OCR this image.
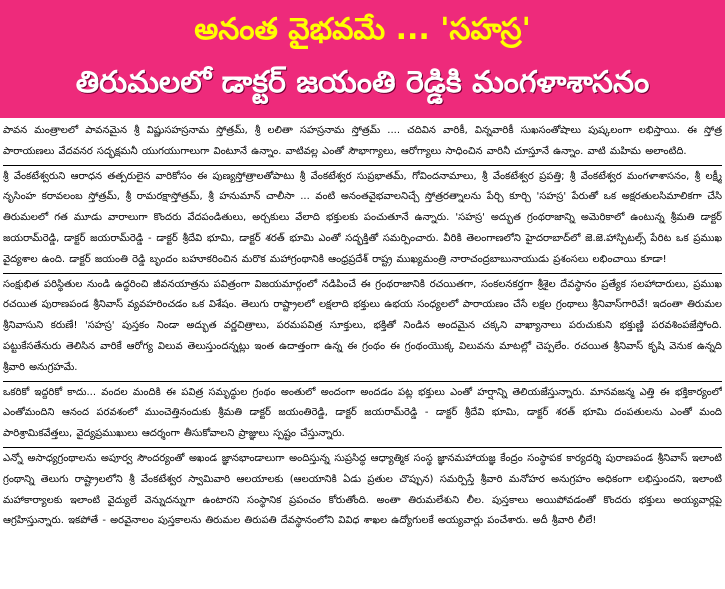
అనంత వైభవమే ... 'సహస్ర'
తిరుమలలో డాక్టర్ జయంతి రెడ్డికి మంగళాశాసనం
పావన మంత్రాలలో పావనమైన శ్రీ విష్ణుసహస్రనామ స్తోత్రమ్, శ్రీ లలితా సహస్రనామ స్తోత్రమ్ .... చదివిన వారికీ, విన్నవారికీ సుఖసంతోషాలు పుష్కలంగా లభిస్తాయి. ఈ స్తోత్ర పారాయణలు వేదవనర సద్భక్షమనీ యుగయుగాలుగా వింటూనే ఉన్నాం. వాటివల్ల ఎంతో సౌభాగ్యాలు, ఆరోగ్యాలు సాధించిన వారినీ చూస్తూనే ఉన్నాం. వాటి మహిమ అలాంటిది.
శ్రీ వేంకటేశ్వరుని ఆరాధన తత్పరులైన వారికోసం ఈ పుణ్యస్తోత్రాలతోపాటు శ్రీ వేంకటేశ్వర సుప్రభాతమ్, గోవిందనామాలు, శ్రీ వేంకటేశ్వర ప్రపత్తి; శ్రీ వేంకటేశ్వర మంగళాశాసనం, శ్రీ లక్ష్మీ నృసింహ కరావలంబ స్తోత్రమ్, శ్రీ రామరక్షాస్తోత్రమ్, శ్రీ హనుమాన్ చాలీసా ... వంటి అనంతవైభవాలనిచ్చే స్తోత్రరత్నాలను పేర్చి కూర్చి 'సహస్ర' పేరుతో ఒక అక్షరతులసిమాలికగా చేసి తిరుమలలో గత మూడు వారాలుగా కొందరు వేదపండితులు, అర్చకులు వేలాది భక్తులకు పంచుతూనే ఉన్నారు. 'సహస్ర' అద్భుత గ్రంథరాజాన్ని అమెరికాలో ఉంటున్న శ్రీమతి డాక్టర్ జయరామ్‌రెడ్డి, డాక్టర్ జయరామ్‌రెడ్డి - డాక్టర్ శ్రీదేవి భూమి, డాక్టర్ శరత్ భూమి ఎంతో సద్భక్తితో సమర్పించారు. వీరికి తెలంగాణలోని హైదరాబాద్‌లో జె.జె.హాస్పిటల్స్ పేరిట ఒక ప్రముఖ వైద్యశాల ఉంది. డాక్టర్ జయంతి రెడ్డి బృందం బహూకరించిన మరొక మహాగ్రంథానికి ఆంధ్రప్రదేశ్ రాష్ట్ర ముఖ్యమంత్రి నారాచంద్రబాబునాయుడు ప్రశంసలు లభించాయి కూడా!
సంక్షుభిత పరిస్థితుల నుండి ఉద్ధరించి జీవనయాత్రను పవిత్రంగా విజయమార్గంలో నడిపించే ఈ గ్రంథరాజానికి రచయితగా, సంకలనకర్తగా శ్రీశైల దేవస్థానం ప్రత్యేక సలహాదారులు, ప్రముఖ రచయిత పురాణపండ శ్రీనివాస్ వ్యవహరించడం ఒక విశేషం. తెలుగు రాష్ట్రాలలో లక్షలాది భక్తులు ఉభయ సంధ్యలలో పారాయణం చేసే లక్షల గ్రంథాలు శ్రీనివాస్‌గారివే! ఇదంతా తిరుమల శ్రీనివాసుని కరుణే! 'సహస్ర' పుస్తకం నిండా అద్భుత వర్ణచిత్రాలు, పరమపవిత్ర సూక్తులు, భక్తితో నిండిన అందమైన చక్కని వాఖ్యానాలు పరుచుకుని భక్తుణ్ణి పరవశింపజేస్తోంది. పట్టుకేసతేనురు తెలిసిన వారికే ఆరోగ్య విలువ తెలుస్తుందన్నట్లు ఇంత ఉదాత్తంగా ఉన్న ఈ గ్రంథం ఈ గ్రంథంయొక్క విలువను మాటల్లో చెప్పలేం. రచయిత శ్రీనివాస్ కృషి వెనుక ఉన్నది శ్రీవారి అనుగ్రహమే.
ఒకరికో ఇద్దరికో కాదు... వందల మందికి ఈ పవిత్ర సమృద్ధుల గ్రంథం అంతులో అందంగా అందడం పట్ల భక్తులు ఎంతో హర్షాన్ని తెలియజేస్తున్నారు. మానవజన్మ ఎత్తి ఈ భక్తికార్యంలో ఎంతోమందిని ఆనంద పరవశంలో ముంచెత్తినందుకు శ్రీమతి డాక్టర్ జయంతిరెడ్డి, డాక్టర్ జయరామ్‌రెడ్డి - డాక్టర్ శ్రీదేవి భూమి, డాక్టర్ శరత్ భూమి దంపతులను ఎంతో మంది పారిశ్రామికవేత్తలు, వైద్యప్రముఖులు ఆదర్శంగా తీసుకోవాలని ప్రాజ్ఞులు స్పష్టం చేస్తున్నారు.
ఎన్నో అసాధ్యగ్రంథాలను అపూర్వ సౌందర్యంతో అఖండ జ్ఞానభాండాలుగా అందిస్తున్న సుప్రసిద్ధ ఆధ్యాత్మిక సంస్థ జ్ఞానమహాయజ్ఞ కేంద్రం సంస్థాపక కార్యదర్శి పురాణపండ శ్రీనివాస్ ఇలాంటి గ్రంథాన్ని తెలుగు రాష్ట్రాలలోని శ్రీ వేంకటేశ్వర స్వామివారి ఆలయాలకు (ఆలయానికి ఏడు ప్రతుల చొప్పున) సమర్పిస్తే శ్రీవారి మనోహర అనుగ్రహం అధికంగా లభిస్తుందని, ఇలాంటి మహాకార్యాలకు ఇలాంటి వైద్యులే వెన్నుదన్నుగా ఉంటారని సంస్థానిక ప్రపంచం కోరుతోంది. అంతా తిరుమలేశుని లీల. పుస్తకాలు అయిపోవడంతో కొందరు భక్తులు అయ్యవార్లపై ఆగ్రహిస్తున్నారు. ఇకపోతే - అరవైనాలం పుస్తకాలను తిరుమల తిరుపతి దేవస్థానంలోని వివిధ శాఖల ఉద్యోగులకే అయ్యవార్లు పంచేశారు. అదీ శ్రీవారి లీలే!
